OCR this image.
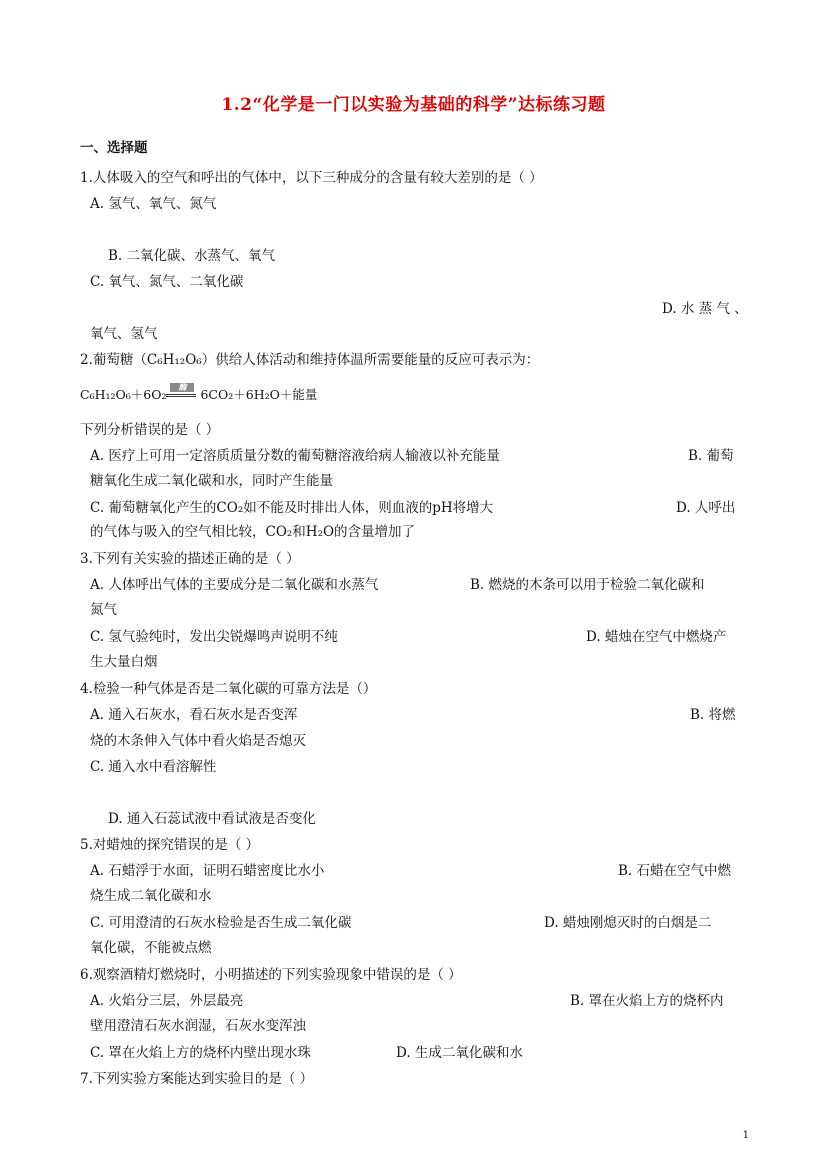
1.2“化学是一门以实验为基础的科学”达标练习题
一、选择题
1.人体吸入的空气和呼出的气体中，以下三种成分的含量有较大差别的是（ ）
A. 氢气、氧气、氮气
B. 二氧化碳、水蒸气、氧气
C. 氧气、氮气、二氧化碳
D. 水 蒸 气 、
氧气、氢气
2.葡萄糖（C₆H₁₂O₆）供给人体活动和维持体温所需要能量的反应可表示为：
C₆H₁₂O₆＋6O₂	酶	6CO₂＋6H₂O＋能量
下列分析错误的是（ ）
A. 医疗上可用一定溶质质量分数的葡萄糖溶液给病人输液以补充能量	B. 葡萄
糖氧化生成二氧化碳和水，同时产生能量
C. 葡萄糖氧化产生的CO₂如不能及时排出人体，则血液的pH将增大	D. 人呼出
的气体与吸入的空气相比较，CO₂和H₂O的含量增加了
3.下列有关实验的描述正确的是（ ）
A. 人体呼出气体的主要成分是二氧化碳和水蒸气	B. 燃烧的木条可以用于检验二氧化碳和
氮气
C. 氢气验纯时，发出尖锐爆鸣声说明不纯	D. 蜡烛在空气中燃烧产
生大量白烟
4.检验一种气体是否是二氧化碳的可靠方法是（）
A. 通入石灰水，看石灰水是否变浑	B. 将燃
烧的木条伸入气体中看火焰是否熄灭
C. 通入水中看溶解性
D. 通入石蕊试液中看试液是否变化
5.对蜡烛的探究错误的是（ ）
A. 石蜡浮于水面，证明石蜡密度比水小	B. 石蜡在空气中燃
烧生成二氧化碳和水
C. 可用澄清的石灰水检验是否生成二氧化碳	D. 蜡烛刚熄灭时的白烟是二
氧化碳，不能被点燃
6.观察酒精灯燃烧时，小明描述的下列实验现象中错误的是（ ）
A. 火焰分三层，外层最亮	B. 罩在火焰上方的烧杯内
壁用澄清石灰水润湿，石灰水变浑浊
C. 罩在火焰上方的烧杯内壁出现水珠	D. 生成二氧化碳和水
7.下列实验方案能达到实验目的是（ ）
1
